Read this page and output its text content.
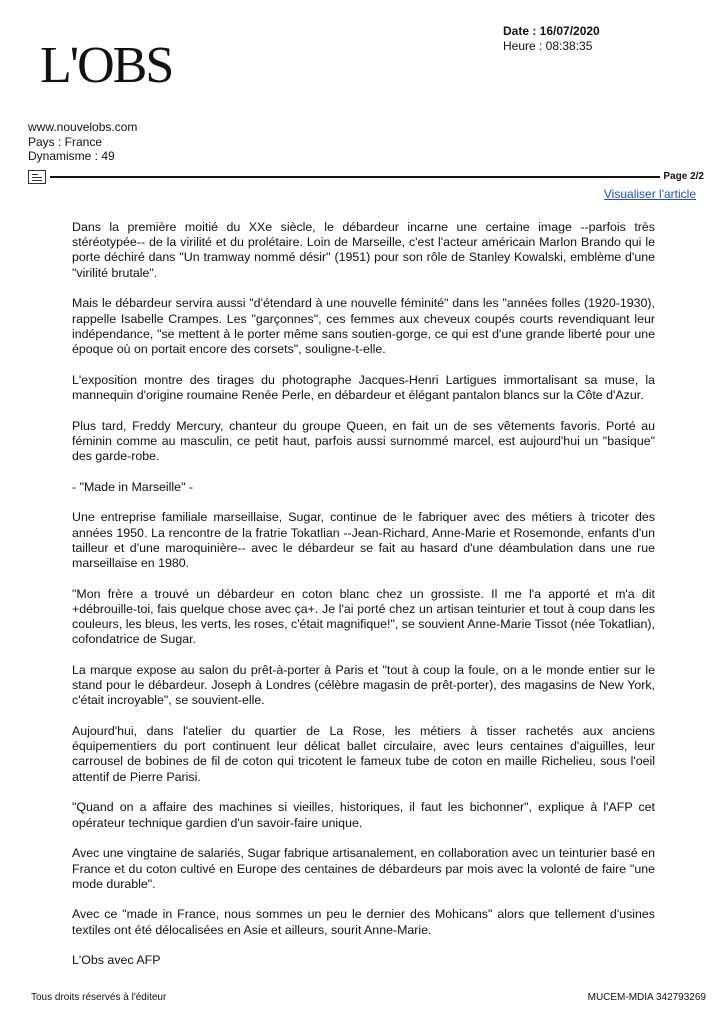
L'OBS
Date : 16/07/2020
Heure : 08:38:35
www.nouvelobs.com
Pays : France
Dynamisme : 49
Page 2/2
Visualiser l'article

Dans la première moitié du XXe siècle, le débardeur incarne une certaine image --parfois très stéréotypée-- de la virilité et du prolétaire. Loin de Marseille, c'est l'acteur américain Marlon Brando qui le porte déchiré dans "Un tramway nommé désir" (1951) pour son rôle de Stanley Kowalski, emblème d'une "virilité brutale".

Mais le débardeur servira aussi "d'étendard à une nouvelle féminité" dans les "années folles (1920-1930), rappelle Isabelle Crampes. Les "garçonnes", ces femmes aux cheveux coupés courts revendiquant leur indépendance, "se mettent à le porter même sans soutien-gorge, ce qui est d'une grande liberté pour une époque où on portait encore des corsets", souligne-t-elle.

L'exposition montre des tirages du photographe Jacques-Henri Lartigues immortalisant sa muse, la mannequin d'origine roumaine Renée Perle, en débardeur et élégant pantalon blancs sur la Côte d'Azur.

Plus tard, Freddy Mercury, chanteur du groupe Queen, en fait un de ses vêtements favoris. Porté au féminin comme au masculin, ce petit haut, parfois aussi surnommé marcel, est aujourd'hui un "basique" des garde-robe.

- "Made in Marseille" -

Une entreprise familiale marseillaise, Sugar, continue de le fabriquer avec des métiers à tricoter des années 1950. La rencontre de la fratrie Tokatlian --Jean-Richard, Anne-Marie et Rosemonde, enfants d'un tailleur et d'une maroquinière-- avec le débardeur se fait au hasard d'une déambulation dans une rue marseillaise en 1980.

"Mon frère a trouvé un débardeur en coton blanc chez un grossiste. Il me l'a apporté et m'a dit +débrouille-toi, fais quelque chose avec ça+. Je l'ai porté chez un artisan teinturier et tout à coup dans les couleurs, les bleus, les verts, les roses, c'était magnifique!", se souvient Anne-Marie Tissot (née Tokatlian), cofondatrice de Sugar.

La marque expose au salon du prêt-à-porter à Paris et "tout à coup la foule, on a le monde entier sur le stand pour le débardeur. Joseph à Londres (célèbre magasin de prêt-porter), des magasins de New York, c'était incroyable", se souvient-elle.

Aujourd'hui, dans l'atelier du quartier de La Rose, les métiers à tisser rachetés aux anciens équipementiers du port continuent leur délicat ballet circulaire, avec leurs centaines d'aiguilles, leur carrousel de bobines de fil de coton qui tricotent le fameux tube de coton en maille Richelieu, sous l'oeil attentif de Pierre Parisi.

"Quand on a affaire des machines si vieilles, historiques, il faut les bichonner", explique à l'AFP cet opérateur technique gardien d'un savoir-faire unique.

Avec une vingtaine de salariés, Sugar fabrique artisanalement, en collaboration avec un teinturier basé en France et du coton cultivé en Europe des centaines de débardeurs par mois avec la volonté de faire "une mode durable".

Avec ce "made in France, nous sommes un peu le dernier des Mohicans" alors que tellement d'usines textiles ont été délocalisées en Asie et ailleurs, sourit Anne-Marie.

L'Obs avec AFP

Tous droits réservés à l'éditeur	MUCEM-MDIA 342793269
